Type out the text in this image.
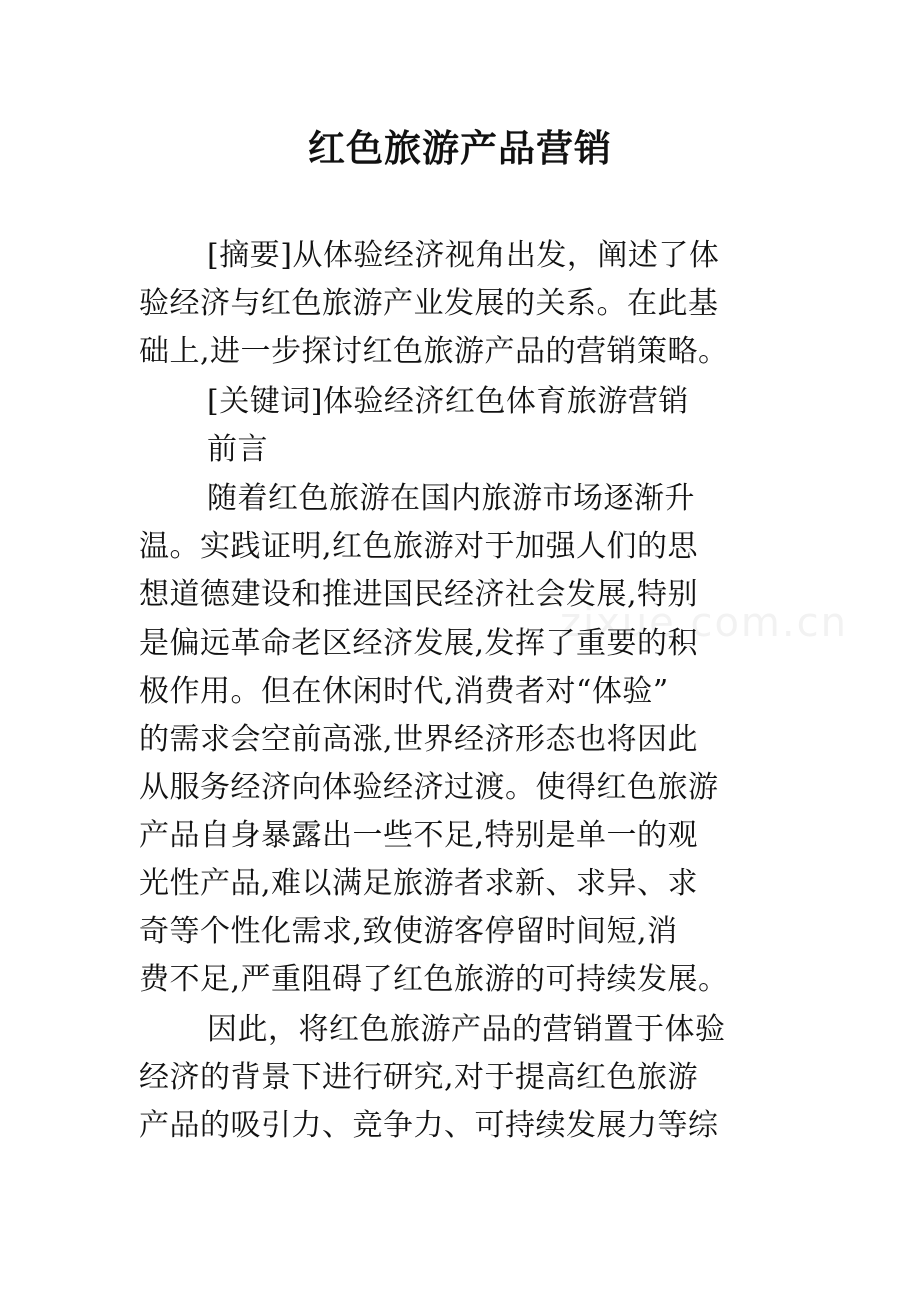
zixue.com.cn
红色旅游产品营销
[摘要]从体验经济视角出发，阐述了体
验经济与红色旅游产业发展的关系。在此基
础上,进一步探讨红色旅游产品的营销策略。
[关键词]体验经济红色体育旅游营销
前言
随着红色旅游在国内旅游市场逐渐升
温。实践证明,红色旅游对于加强人们的思
想道德建设和推进国民经济社会发展,特别
是偏远革命老区经济发展,发挥了重要的积
极作用。但在休闲时代,消费者对“体验”
的需求会空前高涨,世界经济形态也将因此
从服务经济向体验经济过渡。使得红色旅游
产品自身暴露出一些不足,特别是单一的观
光性产品,难以满足旅游者求新、求异、求
奇等个性化需求,致使游客停留时间短,消
费不足,严重阻碍了红色旅游的可持续发展。
因此，将红色旅游产品的营销置于体验
经济的背景下进行研究,对于提高红色旅游
产品的吸引力、竞争力、可持续发展力等综
